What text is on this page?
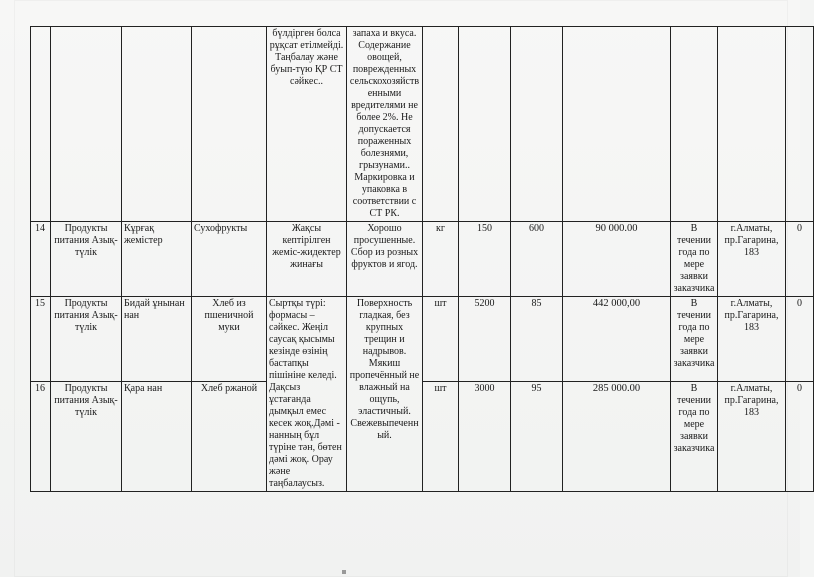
				бүлдірген болса рұқсат етілмейді. Таңбалау және буып-түю ҚР СТ сәйкес..	запаха и вкуса. Содержание овощей, поврежденных сельскохозяйственными вредителями не более 2%. Не допускается пораженных болезнями, грызунами.. Маркировка и упаковка в соответствии с СТ РК.							
14	Продукты питания Азық-түлік	Кұрғақ жемістер	Сухофрукты	Жақсы кептірілген жеміс-жидектер жинағы	Хорошо просушенные. Сбор из розных фруктов и ягод.	кг	150	600	90 000.00	В течении года по мере заявки заказчика	г.Алматы, пр.Гагарина, 183	0
15	Продукты питания Азық-түлік	Бидай ұнынан нан	Хлеб из пшеничной муки	Сыртқы түрі: формасы –сәйкес. Жеңіл саусақ қысымы кезінде өзінің бастапқы пішініне келеді. Дақсыз ұстағанда дымқыл емес кесек жоқ.Дәмі - нанның бұл түріне тән, бөтен дәмі жоқ. Орау және таңбалаусыз.	Поверхность гладкая, без крупных трещин и надрывов. Мякиш пропечённый не влажный на ощупь, эластичный. Свежевыпеченный.	шт	5200	85	442 000,00	В течении года по мере заявки заказчика	г.Алматы, пр.Гагарина, 183	0
16	Продукты питания Азық-түлік	Қара нан	Хлеб ржаной			шт	3000	95	285 000.00	В течении года по мере заявки заказчика	г.Алматы, пр.Гагарина, 183	0
